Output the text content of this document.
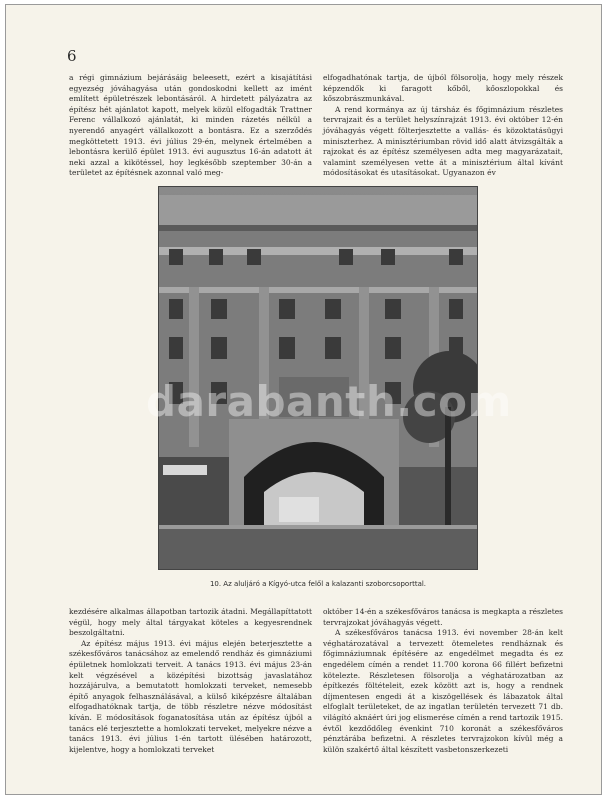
6

a régi gimnázium bejárásáig beleesett, ezért a kisajátítási egyezség jóváhagyása után gondoskodni kellett az imént említett épületrészek lebontásáról. A hirdetett pályázatra az építész hét ajánlatot kapott, melyek közül elfogadták Trattner Ferenc vállalkozó ajánlatát, ki minden rázetés nélkül a nyerendő anyagért vállalkozott a bontásra. Ez a szerződés megköttetett 1913. évi július 29-én, melynek értelmében a lebontásra kerülő épület 1913. évi augusztus 16-án adatott át neki azzal a kikötéssel, hoy legkésőbb szeptember 30-án a területet az építésnek azonnal való meg-

elfogadhatónak tartja, de újból fölsorolja, hogy mely részek képzendők ki faragott kőből, kőoszlopokkal és kőszobrászmunkával.

A rend kormánya az új társház és főgimnázium részletes tervrajzait és a terület helyszínrajzát 1913. évi október 12-én jóváhagyás végett fölterjesztette a vallás- és közoktatásügyi miniszterhez. A minisztériumban rövid idő alatt átvizsgálták a rajzokat és az építész személyesen adta meg magyarázatait, valamint személyesen vette át a minisztérium által kívánt módosításokat és utasításokat. Ugyanazon év

darabanth.com
10. Az aluljáró a Kígyó-utca felől a kalazanti szoborcsoporttal.

kezdésére alkalmas állapotban tartozik átadni. Megállapíttatott végül, hogy mely által tárgyakat köteles a kegyesrendnek beszolgáltatni.

Az építész május 1913. évi május elején beterjesztette a székesfőváros tanácsához az emelendő rendház és gimnáziumi épületnek homlokzati terveit. A tanács 1913. évi május 23-án kelt végzésével a középítési bizottság javaslatához hozzájárulva, a bemutatott homlokzati terveket, nemesebb építő anyagok felhasználásával, a külső kiképzésre általában elfogadhatóknak tartja, de több részletre nézve módosítást kíván. E módosítások foganatosítása után az építész újból a tanács elé terjesztette a homlokzati terveket, melyekre nézve a tanács 1913. évi július 1-én tartott ülésében határozott, kijelentve, hogy a homlokzati terveket

október 14-én a székesfőváros tanácsa is megkapta a részletes tervrajzokat jóváhagyás végett.

A székesfőváros tanácsa 1913. évi november 28-án kelt véghatározatával a tervezett ötemeletes rendháznak és főgimnáziumnak építésére az engedélmet megadta és ez engedélem címén a rendet 11.700 korona 66 fillért befizetni kötelezte. Részletesen fölsorolja a véghatározatban az építkezés föltételeit, ezek között azt is, hogy a rendnek díjmentesen engedi át a kiszögellések és lábazatok által elfoglalt területeket, de az ingatlan területén tervezett 71 db. világító aknáért úri jog elismerése címén a rend tartozik 1915. évtől kezdődőleg évenkint 710 koronát a székesfőváros pénztárába befizetni. A részletes tervrajzokon kívül még a külön szakértő által készített vasbetonszerkezeti
